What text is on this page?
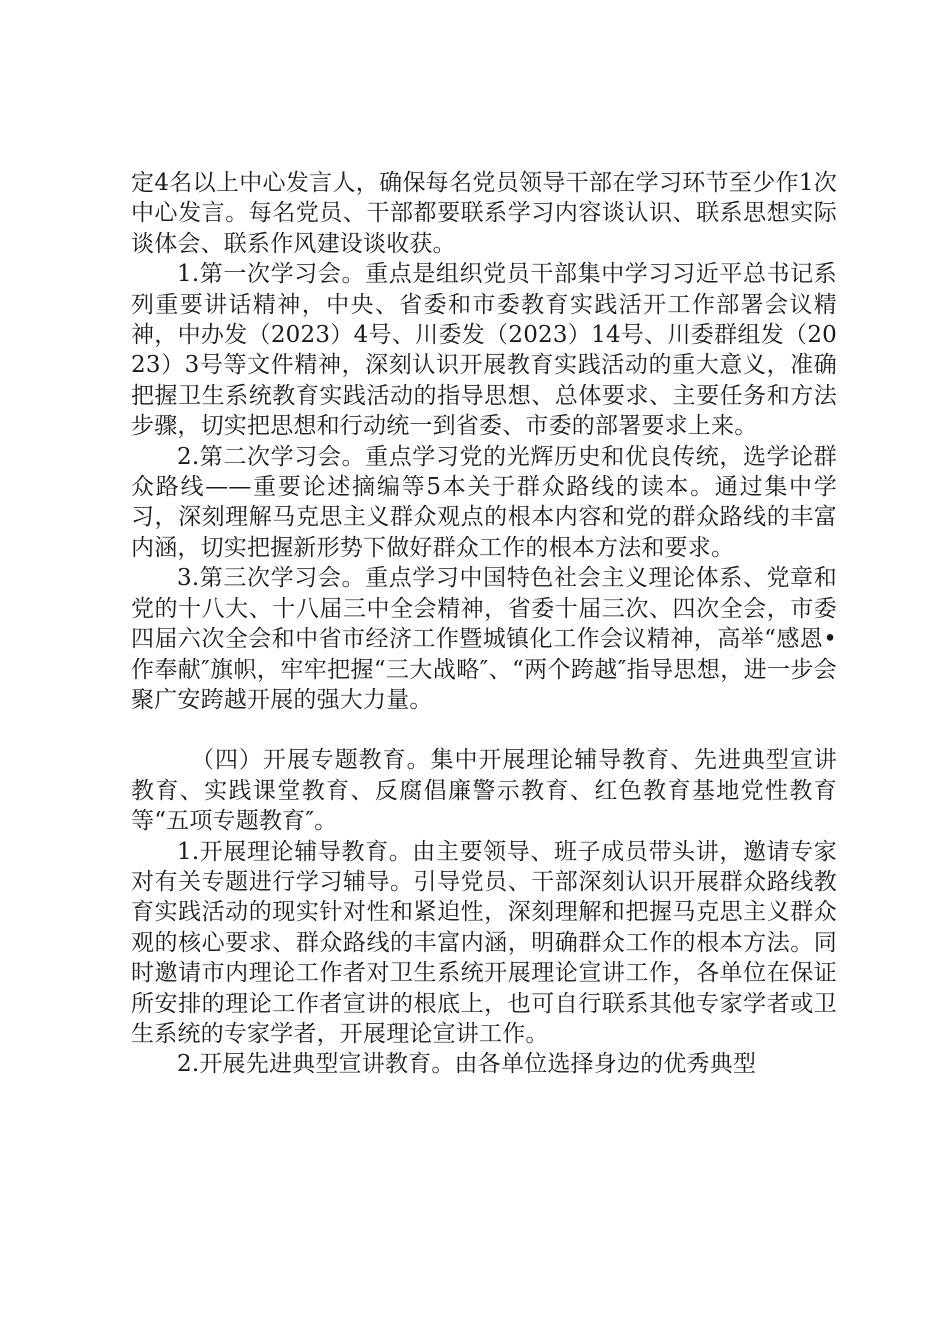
定4名以上中心发言人，确保每名党员领导干部在学习环节至少作1次中心发言。每名党员、干部都要联系学习内容谈认识、联系思想实际谈体会、联系作风建设谈收获。

1.第一次学习会。重点是组织党员干部集中学习习近平总书记系列重要讲话精神，中央、省委和市委教育实践活开工作部署会议精神，中办发（2023）4号、川委发（2023）14号、川委群组发（2023）3号等文件精神，深刻认识开展教育实践活动的重大意义，准确把握卫生系统教育实践活动的指导思想、总体要求、主要任务和方法步骤，切实把思想和行动统一到省委、市委的部署要求上来。

2.第二次学习会。重点学习党的光辉历史和优良传统，选学论群众路线——重要论述摘编等5本关于群众路线的读本。通过集中学习，深刻理解马克思主义群众观点的根本内容和党的群众路线的丰富内涵，切实把握新形势下做好群众工作的根本方法和要求。

3.第三次学习会。重点学习中国特色社会主义理论体系、党章和党的十八大、十八届三中全会精神，省委十届三次、四次全会，市委四届六次全会和中省市经济工作暨城镇化工作会议精神，高举“感恩•作奉献″旗帜，牢牢把握“三大战略″、“两个跨越″指导思想，进一步会聚广安跨越开展的强大力量。

（四）开展专题教育。集中开展理论辅导教育、先进典型宣讲教育、实践课堂教育、反腐倡廉警示教育、红色教育基地党性教育等“五项专题教育″。

1.开展理论辅导教育。由主要领导、班子成员带头讲，邀请专家对有关专题进行学习辅导。引导党员、干部深刻认识开展群众路线教育实践活动的现实针对性和紧迫性，深刻理解和把握马克思主义群众观的核心要求、群众路线的丰富内涵，明确群众工作的根本方法。同时邀请市内理论工作者对卫生系统开展理论宣讲工作，各单位在保证所安排的理论工作者宣讲的根底上，也可自行联系其他专家学者或卫生系统的专家学者，开展理论宣讲工作。

2.开展先进典型宣讲教育。由各单位选择身边的优秀典型
